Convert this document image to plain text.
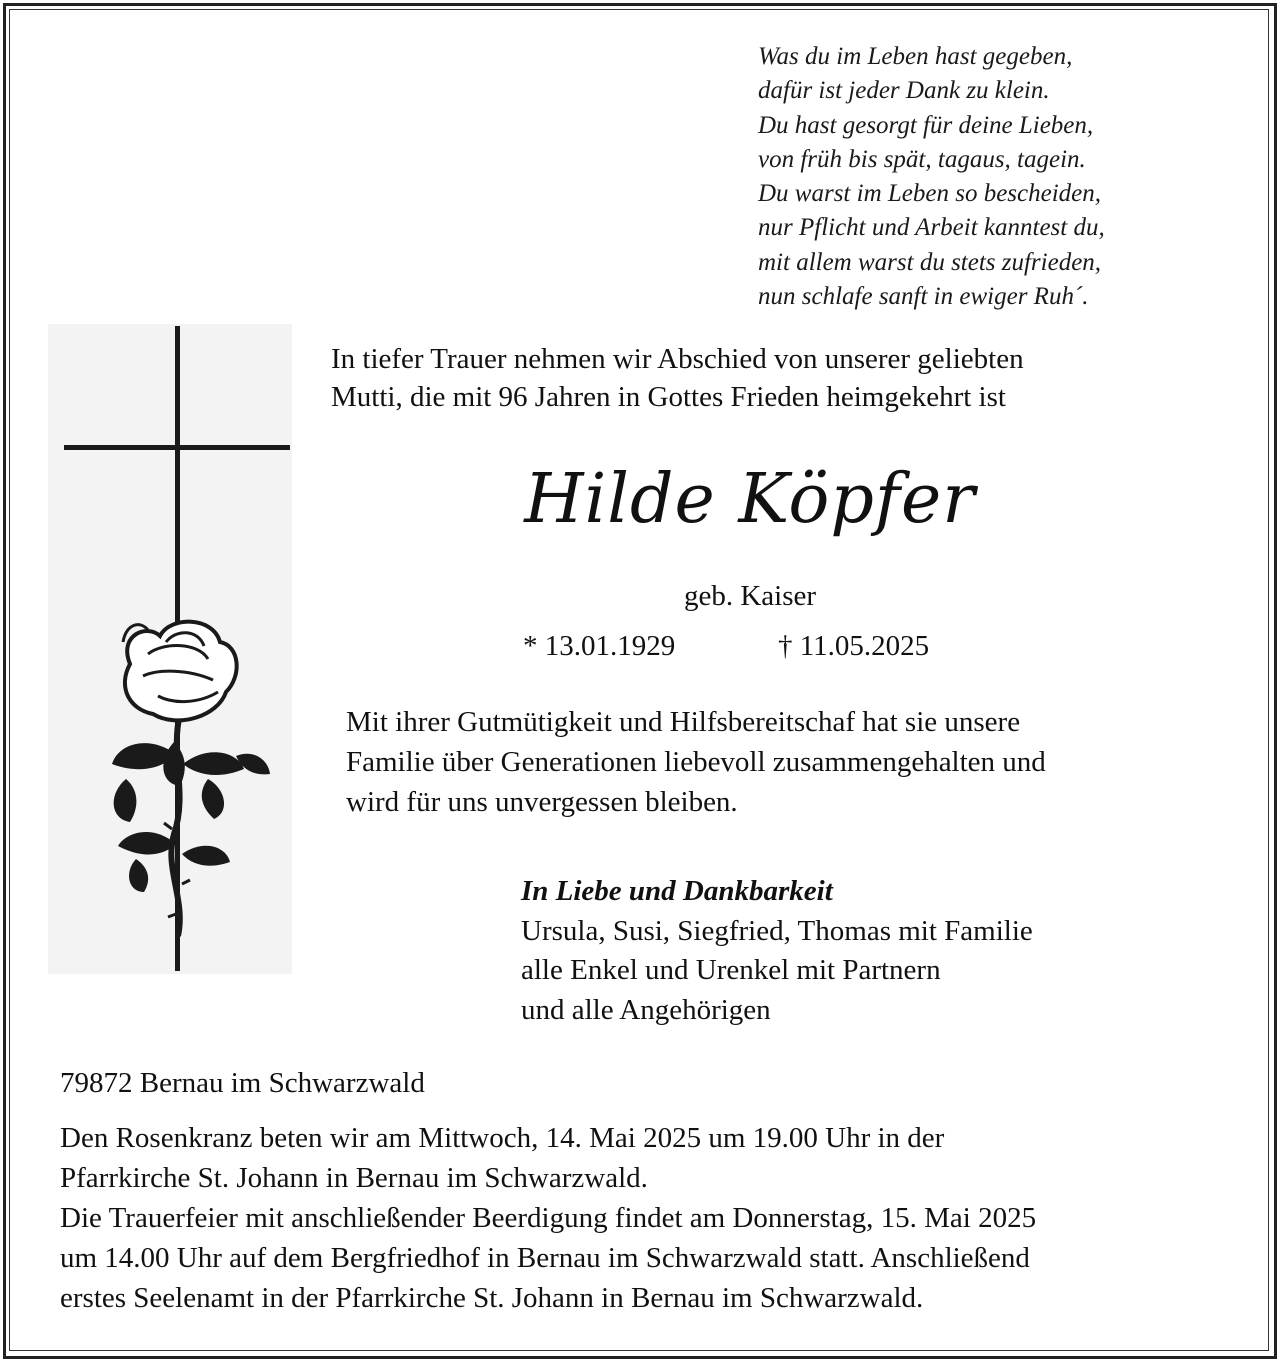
Was du im Leben hast gegeben,
dafür ist jeder Dank zu klein.
Du hast gesorgt für deine Lieben,
von früh bis spät, tagaus, tagein.
Du warst im Leben so bescheiden,
nur Pflicht und Arbeit kanntest du,
mit allem warst du stets zufrieden,
nun schlafe sanft in ewiger Ruh´.
In tiefer Trauer nehmen wir Abschied von unserer geliebten
Mutti, die mit 96 Jahren in Gottes Frieden heimgekehrt ist
Hilde Köpfer
geb. Kaiser
* 13.01.1929	† 11.05.2025
Mit ihrer Gutmütigkeit und Hilfsbereitschaf hat sie unsere
Familie über Generationen liebevoll zusammengehalten und
wird für uns unvergessen bleiben.
In Liebe und Dankbarkeit
Ursula, Susi, Siegfried, Thomas mit Familie
alle Enkel und Urenkel mit Partnern
und alle Angehörigen
79872 Bernau im Schwarzwald
Den Rosenkranz beten wir am Mittwoch, 14. Mai 2025 um 19.00 Uhr in der
Pfarrkirche St. Johann in Bernau im Schwarzwald.
Die Trauerfeier mit anschließender Beerdigung findet am Donnerstag, 15. Mai 2025
um 14.00 Uhr auf dem Bergfriedhof in Bernau im Schwarzwald statt. Anschließend
erstes Seelenamt in der Pfarrkirche St. Johann in Bernau im Schwarzwald.
